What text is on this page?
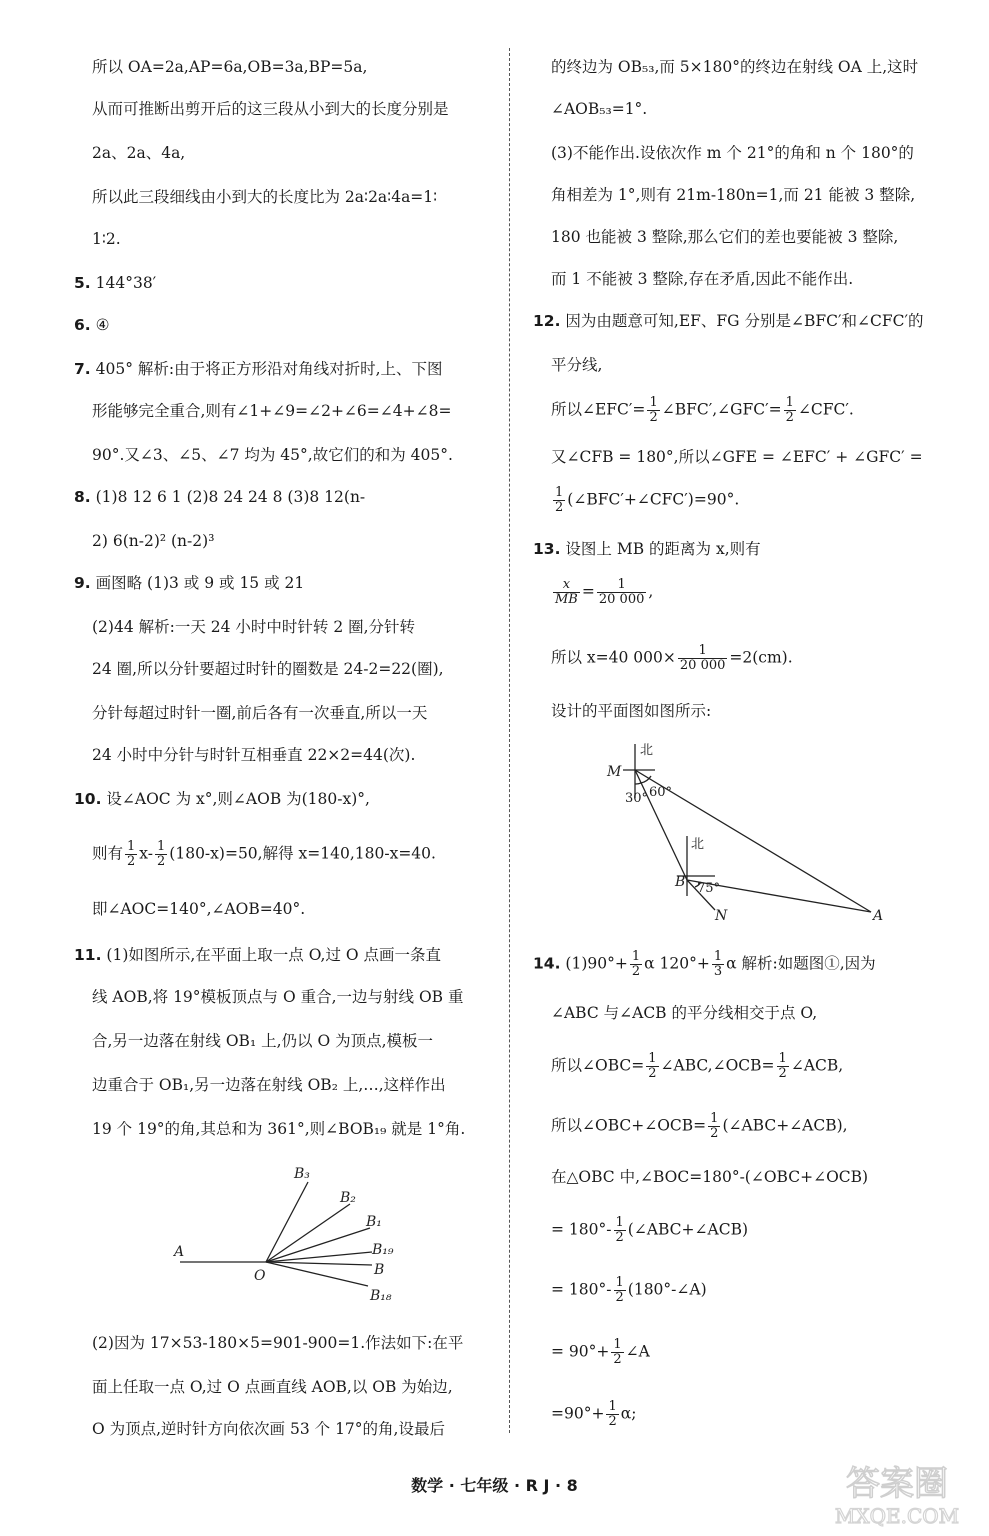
所以 OA=2a,AP=6a,OB=3a,BP=5a,
从而可推断出剪开后的这三段从小到大的长度分别是
2a、2a、4a,
所以此三段细线由小到大的长度比为 2a∶2a∶4a=1∶
1∶2.
5. 144°38′
6. ④
7. 405° 解析:由于将正方形沿对角线对折时,上、下图
形能够完全重合,则有∠1+∠9=∠2+∠6=∠4+∠8=
90°.又∠3、∠5、∠7 均为 45°,故它们的和为 405°.
8. (1)8 12 6 1 (2)8 24 24 8 (3)8 12(n-
2) 6(n-2)² (n-2)³
9. 画图略 (1)3 或 9 或 15 或 21
(2)44 解析:一天 24 小时中时针转 2 圈,分针转
24 圈,所以分针要超过时针的圈数是 24-2=22(圈),
分针每超过时针一圈,前后各有一次垂直,所以一天
24 小时中分针与时针互相垂直 22×2=44(次).
10. 设∠AOC 为 x°,则∠AOB 为(180-x)°,
则有 $\frac{1}{2} x- \frac{1}{2} (180-x)=50$,解得 x=140,180-x=40.
即∠AOC=140°,∠AOB=40°.
11. (1)如图所示,在平面上取一点 O,过 O 点画一条直
线 AOB,将 19°模板顶点与 O 重合,一边与射线 OB 重
合,另一边落在射线 OB₁ 上,仍以 O 为顶点,模板一
边重合于 OB₁,另一边落在射线 OB₂ 上,…,这样作出
19 个 19°的角,其总和为 361°,则∠BOB₁₉ 就是 1°角.
A
O
B₃
B₂
B₁
B₁₉
B
B₁₈
(2)因为 17×53-180×5=901-900=1.作法如下:在平
面上任取一点 O,过 O 点画直线 AOB,以 OB 为始边,
O 为顶点,逆时针方向依次画 53 个 17°的角,设最后
的终边为 OB₅₃,而 5×180°的终边在射线 OA 上,这时
∠AOB₅₃=1°.
(3)不能作出.设依次作 m 个 21°的角和 n 个 180°的
角相差为 1°,则有 21m-180n=1,而 21 能被 3 整除,
180 也能被 3 整除,那么它们的差也要能被 3 整除,
而 1 不能被 3 整除,存在矛盾,因此不能作出.
12. 因为由题意可知,EF、FG 分别是∠BFC′和∠CFC′的
平分线,
所以∠EFC′= $\frac{1}{2}$ ∠BFC′,∠GFC′= $\frac{1}{2}$ ∠CFC′.
又∠CFB = 180°,所以∠GFE = ∠EFC′ + ∠GFC′ =
$\frac{1}{2}$ (∠BFC′+∠CFC′)=90°.
13. 设图上 MB 的距离为 x,则有
$\frac{x}{MB} = \frac{1}{20 000}$ ,
所以 x=40 $000\times \frac{1}{20 000} =2(cm)$.
设计的平面图如图所示:
北
北
M
B
N	A
30° 60°
75°
14. $(1)90^\circ+ \frac{1}{2}$ α $120^\circ+ \frac{1}{3}$ α 解析:如题图①,因为
∠ABC 与∠ACB 的平分线相交于点 O,
所以∠OBC= $\frac{1}{2}$ ∠ABC,∠OCB= $\frac{1}{2}$ ∠ACB,
所以∠OBC+∠OCB= $\frac{1}{2}$ (∠ABC+∠ACB),
在△OBC 中,∠BOC=180°-(∠OBC+∠OCB)
= $180^\circ- \frac{1}{2}$ (∠ABC+∠ACB)
= $180^\circ- \frac{1}{2}$ (180°-∠A)
= $90^\circ+ \frac{1}{2}$ ∠A
$=90^\circ+ \frac{1}{2} \alpha$;
数学 · 七年级 · R J · 8	答案圈
MXQE.COM
